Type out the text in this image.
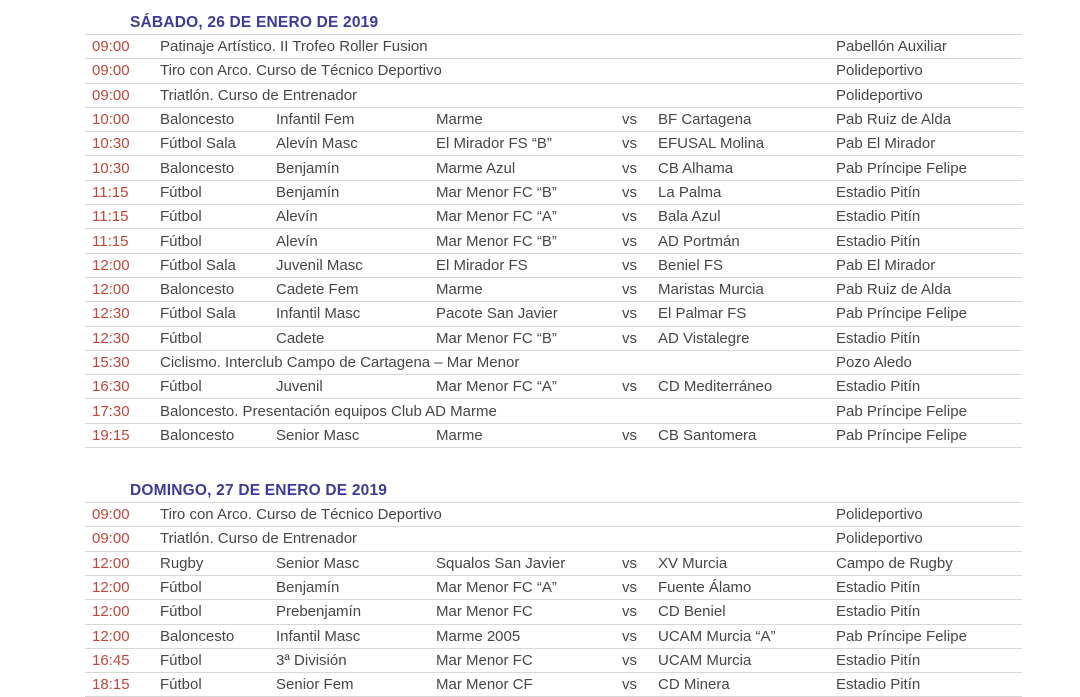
SÁBADO, 26 DE ENERO DE 2019
09:00	Patinaje Artístico. II Trofeo Roller Fusion	Pabellón Auxiliar
09:00	Tiro con Arco. Curso de Técnico Deportivo	Polideportivo
09:00	Triatlón. Curso de Entrenador	Polideportivo
10:00	Baloncesto	Infantil Fem	Marme	vs	BF Cartagena	Pab Ruiz de Alda
10:30	Fútbol Sala	Alevín Masc	El Mirador FS “B”	vs	EFUSAL Molina	Pab El Mirador
10:30	Baloncesto	Benjamín	Marme Azul	vs	CB Alhama	Pab Príncipe Felipe
11:15	Fútbol	Benjamín	Mar Menor FC “B”	vs	La Palma	Estadio Pitín
11:15	Fútbol	Alevín	Mar Menor FC “A”	vs	Bala Azul	Estadio Pitín
11:15	Fútbol	Alevín	Mar Menor FC “B”	vs	AD Portmán	Estadio Pitín
12:00	Fútbol Sala	Juvenil Masc	El Mirador FS	vs	Beniel FS	Pab El Mirador
12:00	Baloncesto	Cadete Fem	Marme	vs	Maristas Murcia	Pab Ruiz de Alda
12:30	Fútbol Sala	Infantil Masc	Pacote San Javier	vs	El Palmar FS	Pab Príncipe Felipe
12:30	Fútbol	Cadete	Mar Menor FC “B”	vs	AD Vistalegre	Estadio Pitín
15:30	Ciclismo. Interclub Campo de Cartagena – Mar Menor	Pozo Aledo
16:30	Fútbol	Juvenil	Mar Menor FC “A”	vs	CD Mediterráneo	Estadio Pitín
17:30	Baloncesto. Presentación equipos Club AD Marme	Pab Príncipe Felipe
19:15	Baloncesto	Senior Masc	Marme	vs	CB Santomera	Pab Príncipe Felipe
DOMINGO, 27 DE ENERO DE 2019
09:00	Tiro con Arco. Curso de Técnico Deportivo	Polideportivo
09:00	Triatlón. Curso de Entrenador	Polideportivo
12:00	Rugby	Senior Masc	Squalos San Javier	vs	XV Murcia	Campo de Rugby
12:00	Fútbol	Benjamín	Mar Menor FC “A”	vs	Fuente Álamo	Estadio Pitín
12:00	Fútbol	Prebenjamín	Mar Menor FC	vs	CD Beniel	Estadio Pitín
12:00	Baloncesto	Infantil Masc	Marme 2005	vs	UCAM Murcia “A”	Pab Príncipe Felipe
16:45	Fútbol	3ª División	Mar Menor FC	vs	UCAM Murcia	Estadio Pitín
18:15	Fútbol	Senior Fem	Mar Menor CF	vs	CD Minera	Estadio Pitín
